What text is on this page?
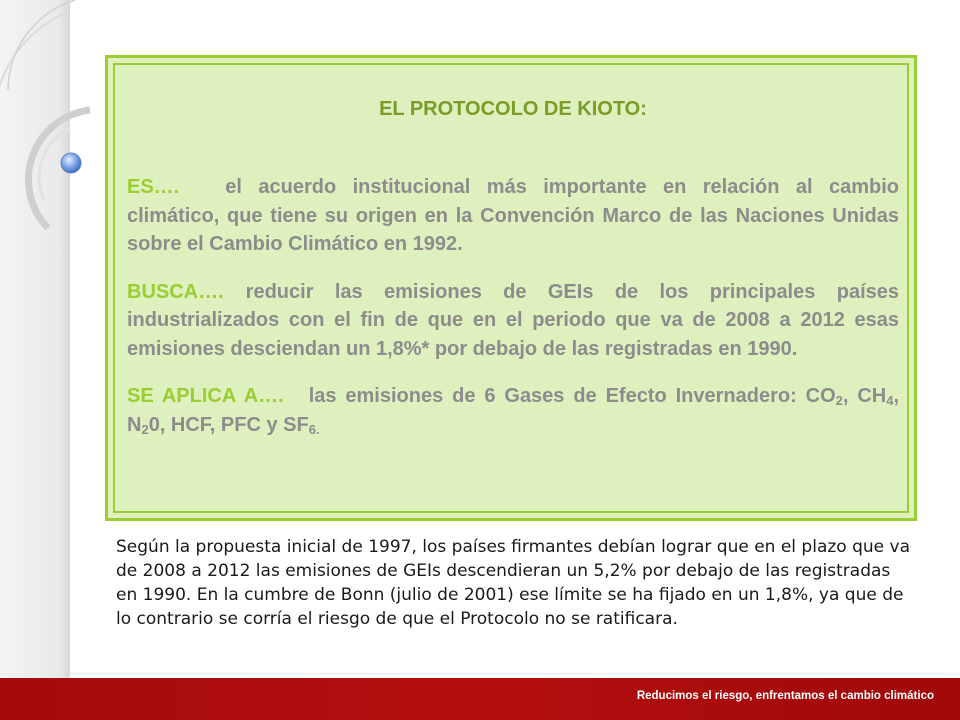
EL PROTOCOLO DE KIOTO:

ES…. el acuerdo institucional más importante en relación al cambio climático, que tiene su origen en la Convención Marco de las Naciones Unidas sobre el Cambio Climático en 1992.

BUSCA…. reducir las emisiones de GEIs de los principales países industrializados con el fin de que en el periodo que va de 2008 a 2012 esas emisiones desciendan un 1,8%* por debajo de las registradas en 1990.

SE APLICA A…. las emisiones de 6 Gases de Efecto Invernadero: $CO_2$, $CH_4$, $N_20$, HCF, PFC y $SF_{6.}$

Según la propuesta inicial de 1997, los países firmantes debían lograr que en el plazo que va de 2008 a 2012 las emisiones de GEIs descendieran un 5,2% por debajo de las registradas en 1990. En la cumbre de Bonn (julio de 2001) ese límite se ha fijado en un 1,8%, ya que de lo contrario se corría el riesgo de que el Protocolo no se ratificara.

Reducimos el riesgo, enfrentamos el cambio climático
